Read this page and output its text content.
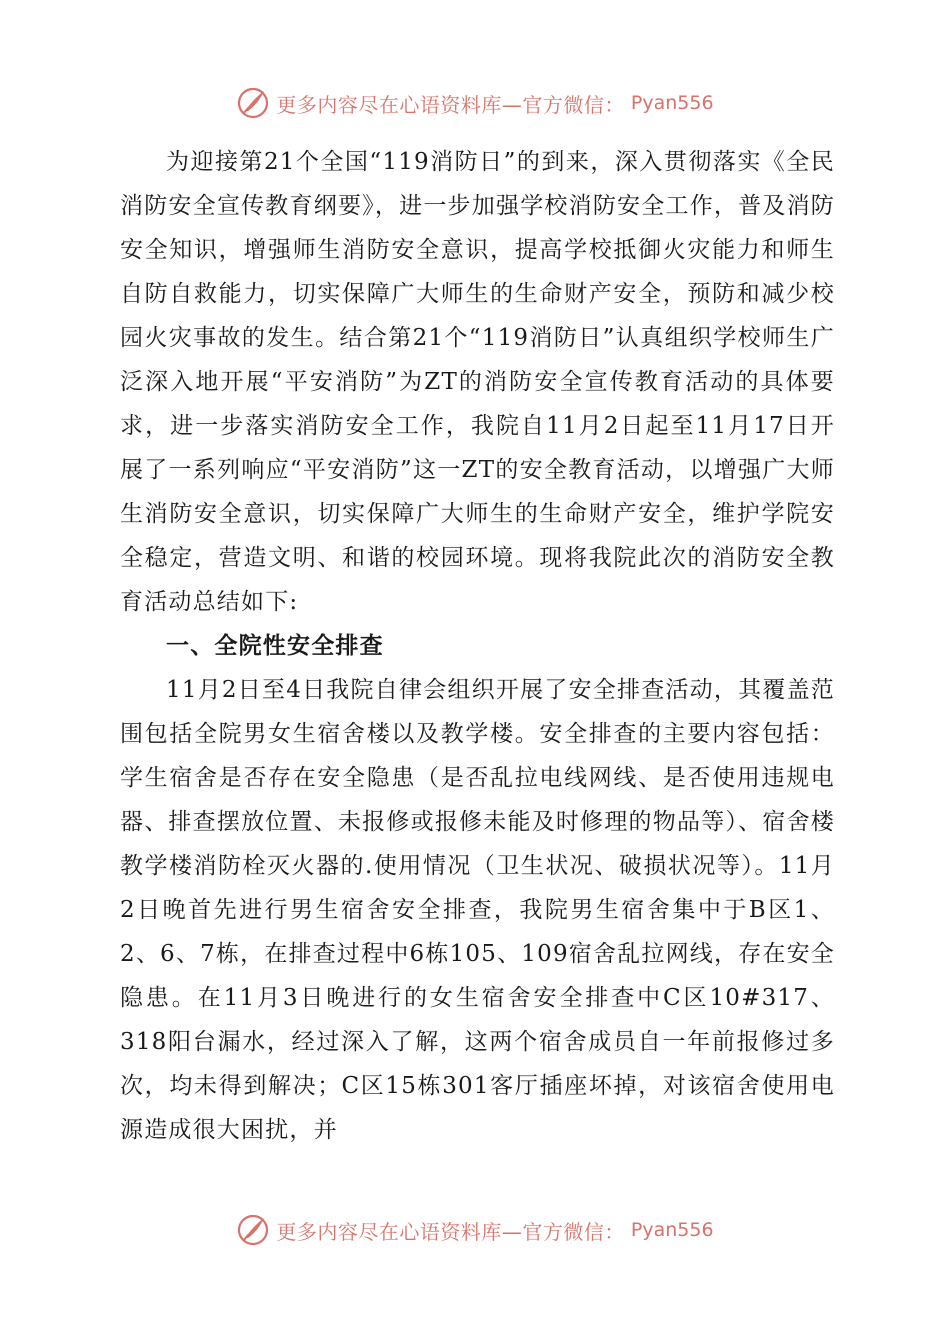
更多内容尽在心语资料库—官方微信： Pyan556

为迎接第21个全国“119消防日”的到来，深入贯彻落实《全民消防安全宣传教育纲要》，进一步加强学校消防安全工作，普及消防安全知识，增强师生消防安全意识，提高学校抵御火灾能力和师生自防自救能力，切实保障广大师生的生命财产安全，预防和减少校园火灾事故的发生。结合第21个“119消防日”认真组织学校师生广泛深入地开展“平安消防”为ZT的消防安全宣传教育活动的具体要求，进一步落实消防安全工作，我院自11月2日起至11月17日开展了一系列响应“平安消防”这一ZT的安全教育活动，以增强广大师生消防安全意识，切实保障广大师生的生命财产安全，维护学院安全稳定，营造文明、和谐的校园环境。现将我院此次的消防安全教育活动总结如下:

一、全院性安全排查

11月2日至4日我院自律会组织开展了安全排查活动，其覆盖范围包括全院男女生宿舍楼以及教学楼。安全排查的主要内容包括：学生宿舍是否存在安全隐患（是否乱拉电线网线、是否使用违规电器、排查摆放位置、未报修或报修未能及时修理的物品等）、宿舍楼教学楼消防栓灭火器的.使用情况（卫生状况、破损状况等）。11月2日晚首先进行男生宿舍安全排查，我院男生宿舍集中于B区1、2、6、7栋，在排查过程中6栋105、109宿舍乱拉网线，存在安全隐患。在11月3日晚进行的女生宿舍安全排查中C区10#317、318阳台漏水，经过深入了解，这两个宿舍成员自一年前报修过多次，均未得到解决；C区15栋301客厅插座坏掉，对该宿舍使用电源造成很大困扰，并

更多内容尽在心语资料库—官方微信： Pyan556
